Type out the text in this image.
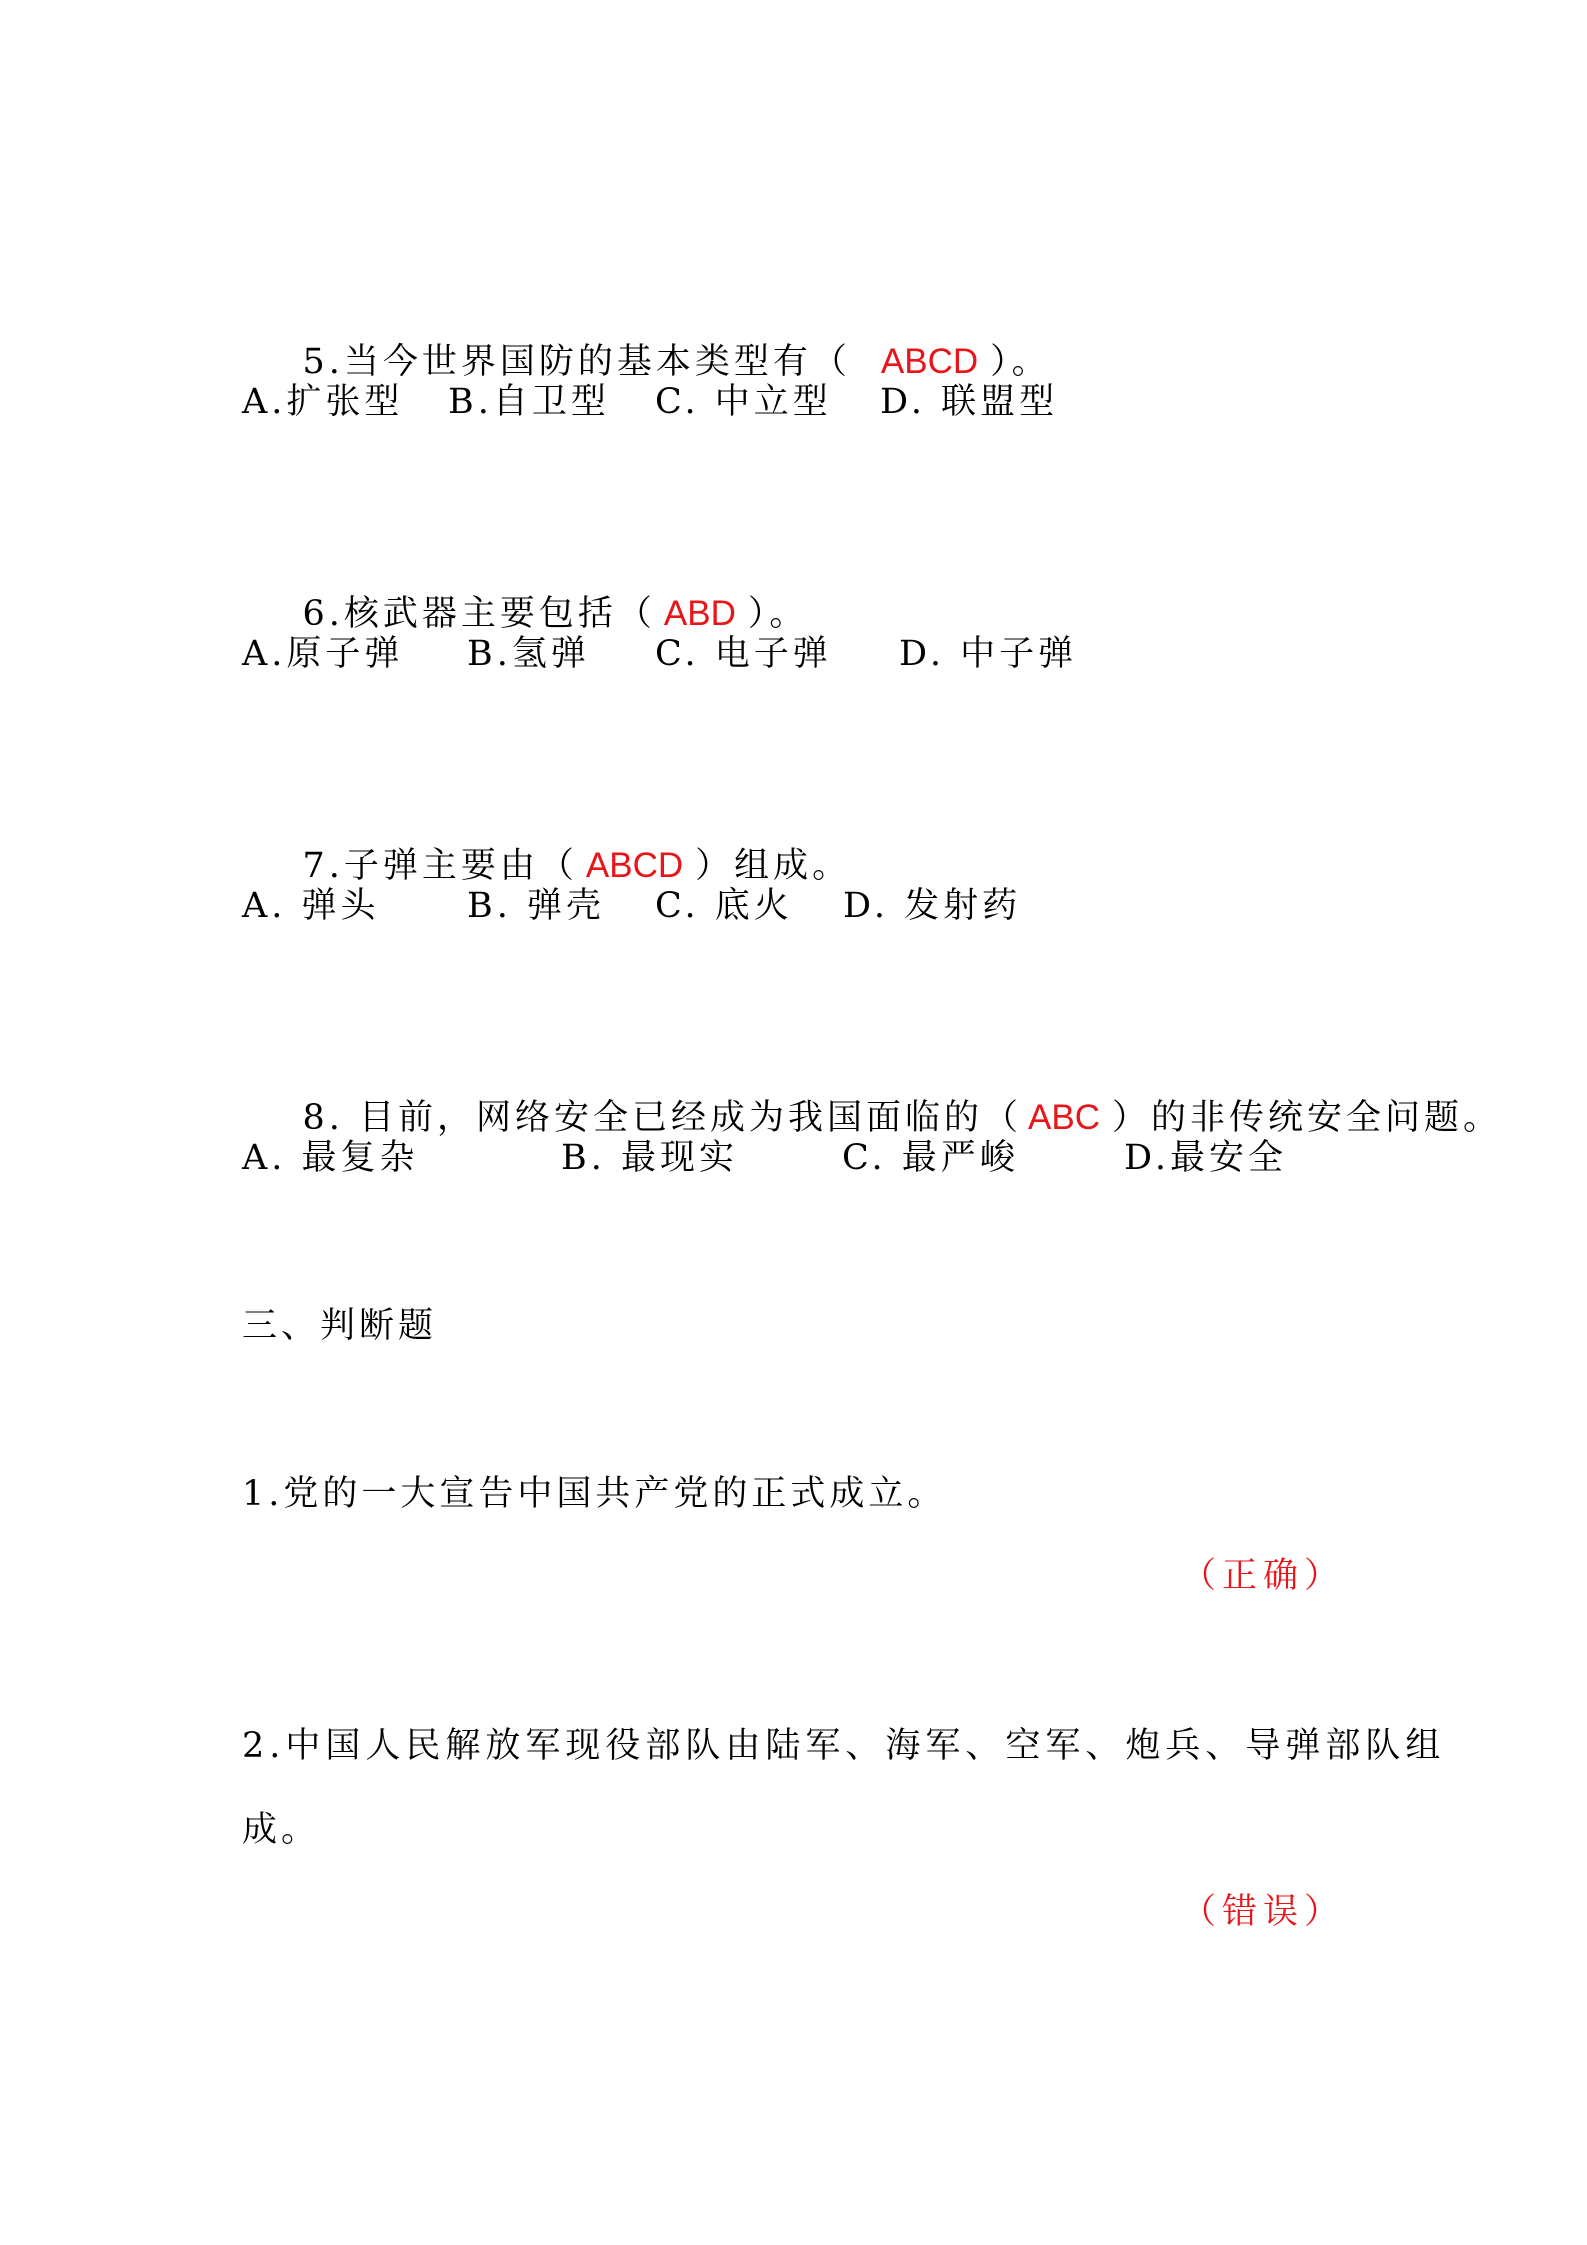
5.当今世界国防的基本类型有（ ABCD ）。

A.扩张型 B.自卫型 C. 中立型 D. 联盟型

6.核武器主要包括（ ABD ）。

A.原子弹 B.氢弹 C. 电子弹 D. 中子弹

7.子弹主要由（ ABCD ）组成。

A. 弹头 B. 弹壳 C. 底火 D. 发射药

8. 目前，网络安全已经成为我国面临的（ ABC ）的非传统安全问题。

A. 最复杂	B. 最现实	C. 最严峻	D.最安全
三、判断题
1.党的一大宣告中国共产党的正式成立。
（正确）
2.中国人民解放军现役部队由陆军、海军、空军、炮兵、导弹部队组
成。
（错误）
